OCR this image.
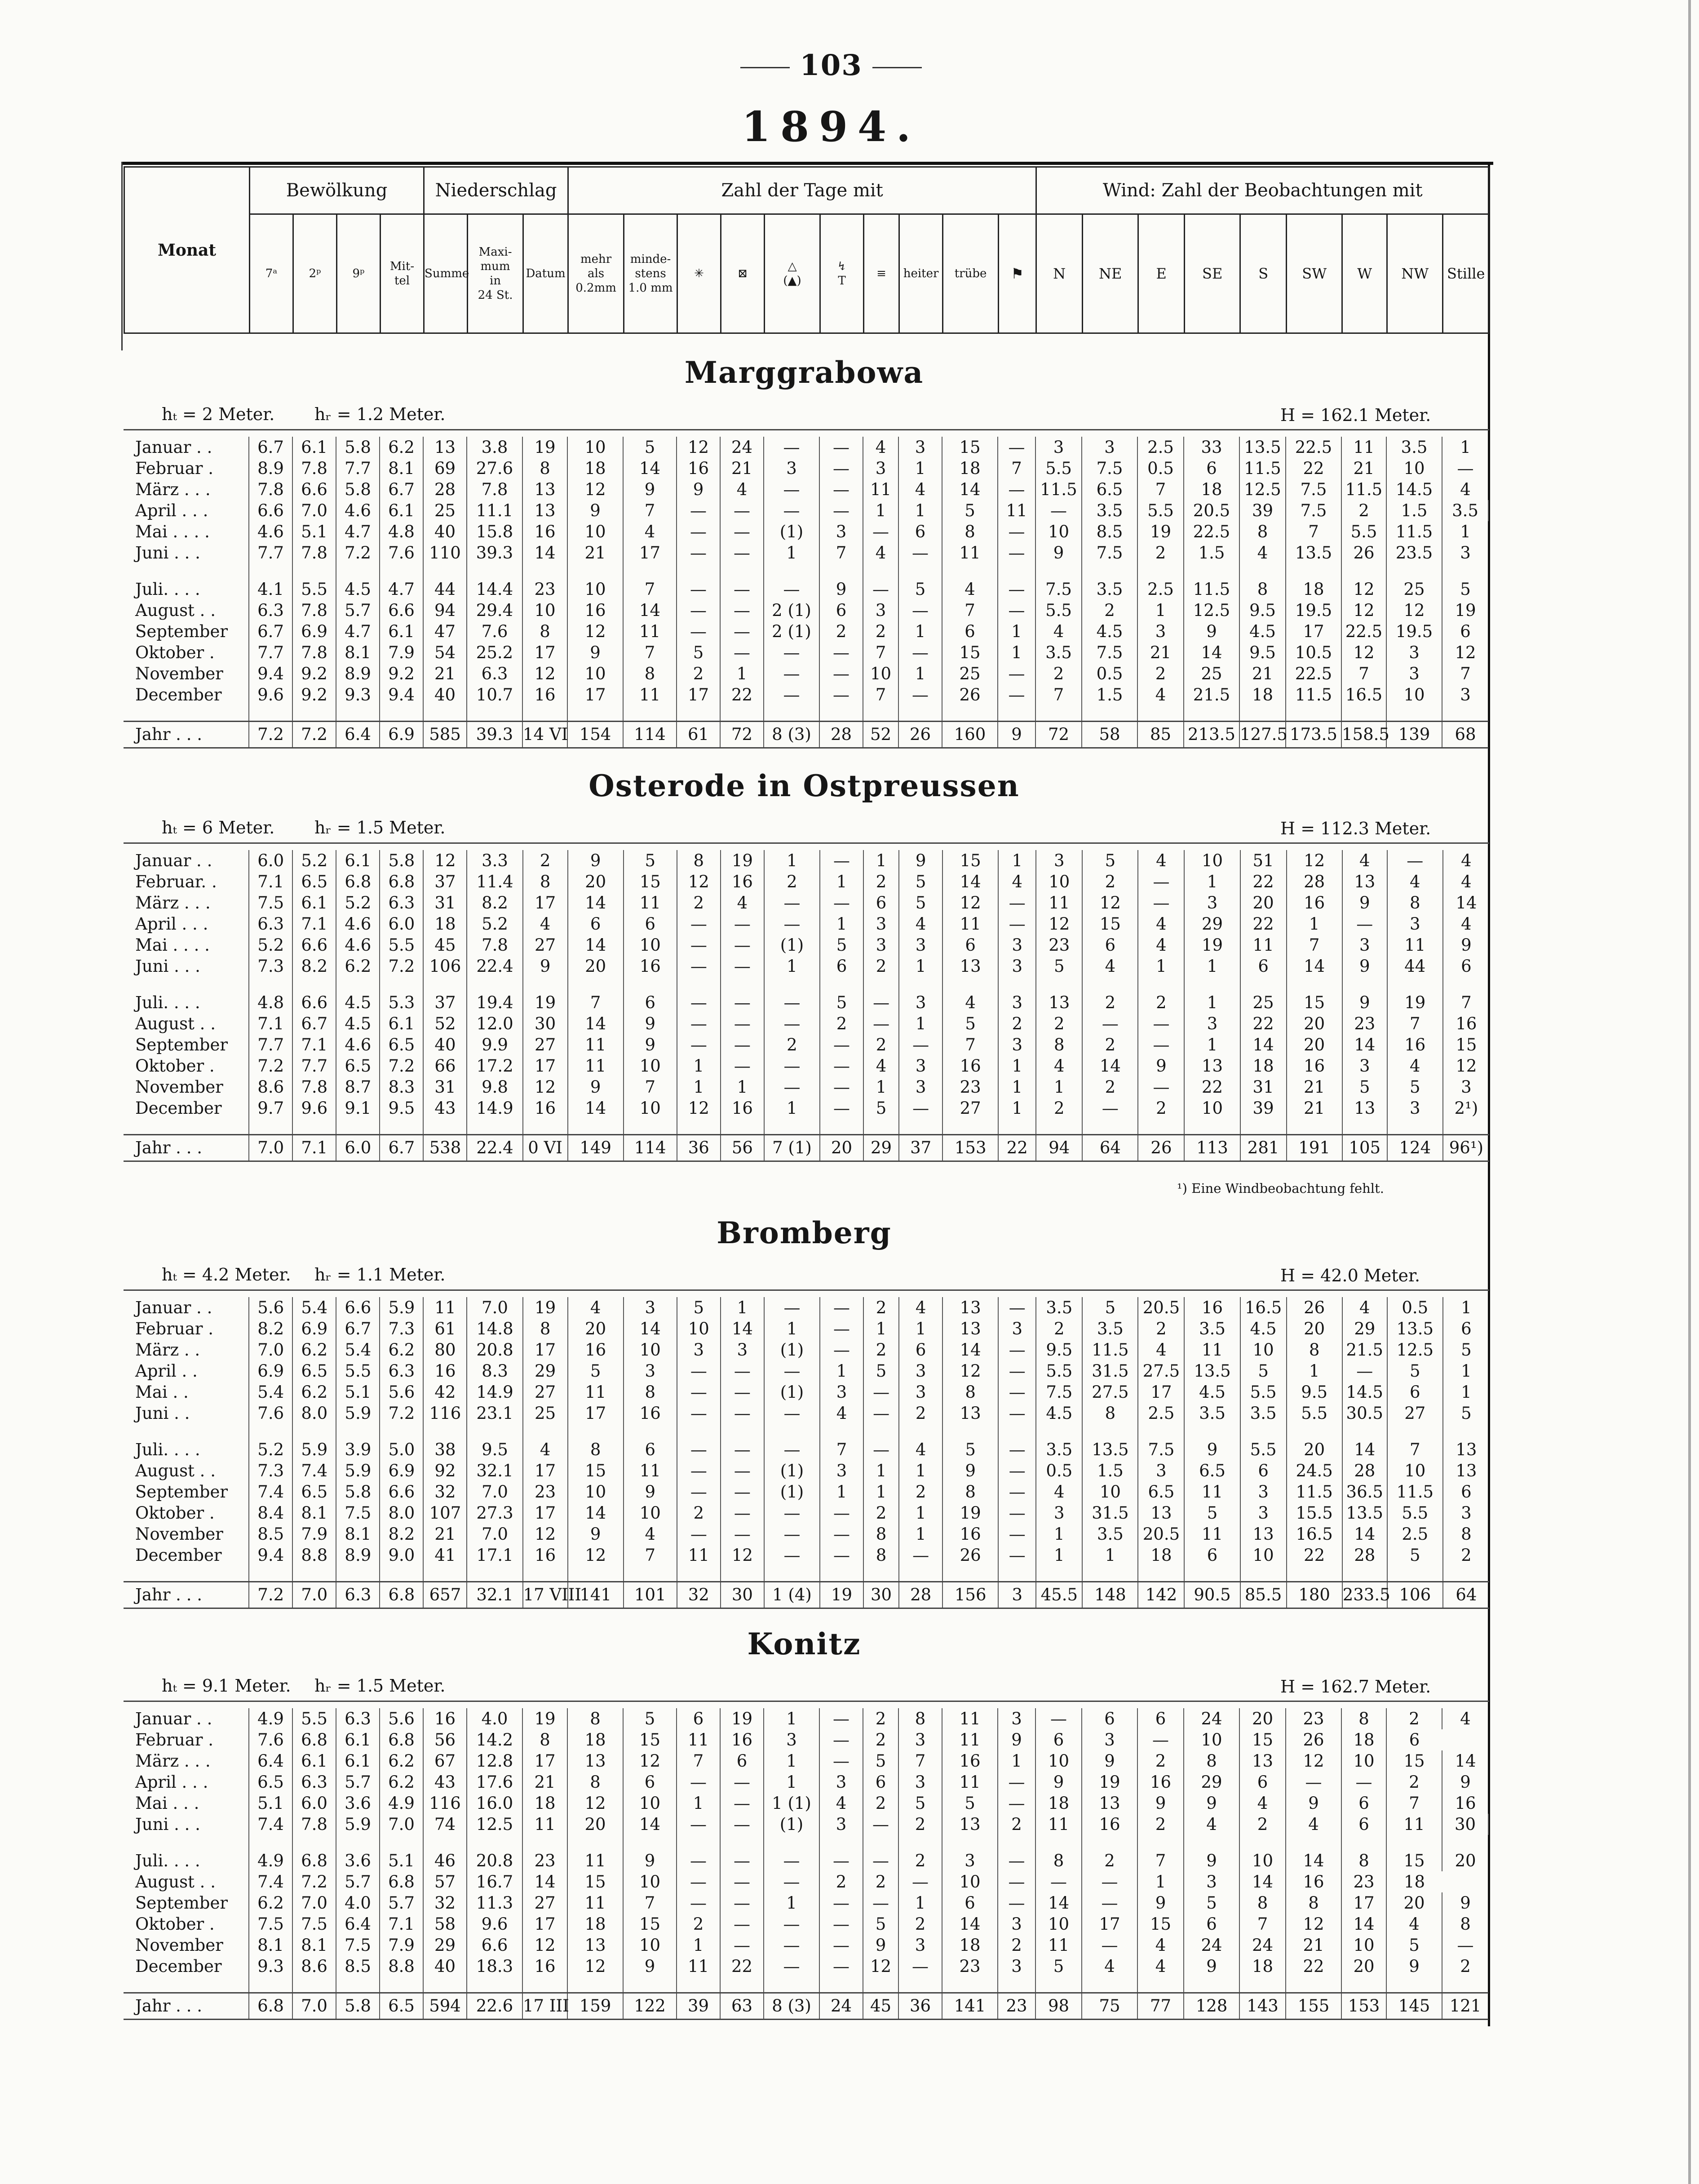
103
1894.
Monat	Bewölkung				Niederschlag			Zahl der Tage mit										Wind: Zahl der Beobachtungen mit								
	7ᵃ	2ᵖ	9ᵖ	Mit-
tel	Summe	Maxi-
mum
in
24 St.	Datum	mehr
als
0.2mm	minde-
stens
1.0 mm	✳	⊠	△
(▲)	↯
T	≡	heiter	trübe	⚑	N	NE	E	SE	S	SW	W	NW	Stille
Marggrabowa
hₜ = 2 Meter. hᵣ = 1.2 Meter.	H = 162.1 Meter.
Januar . .	6.7	6.1	5.8	6.2	13	3.8	19	10	5	12	24	—	—	4	3	15	—	3	3	2.5	33	13.5	22.5	11	3.5	1	
Februar .	8.9	7.8	7.7	8.1	69	27.6	8	18	14	16	21	3	—	3	1	18	7	5.5	7.5	0.5	6	11.5	22	21	10	—	
März . . .	7.8	6.6	5.8	6.7	28	7.8	13	12	9	9	4	—	—	11	4	14	—	11.5	6.5	7	18	12.5	7.5	11.5	14.5	4	
April . . .	6.6	7.0	4.6	6.1	25	11.1	13	9	7	—	—	—	—	1	1	5	11	—	3.5	5.5	20.5	39	7.5	2	1.5	3.5	
Mai . . . .	4.6	5.1	4.7	4.8	40	15.8	16	10	4	—	—	(1)	3	—	6	8	—	10	8.5	19	22.5	8	7	5.5	11.5	1	
Juni . . .	7.7	7.8	7.2	7.6	110	39.3	14	21	17	—	—	1	7	4	—	11	—	9	7.5	2	1.5	4	13.5	26	23.5	3	

Juli. . . .	4.1	5.5	4.5	4.7	44	14.4	23	10	7	—	—	—	9	—	5	4	—	7.5	3.5	2.5	11.5	8	18	12	25	5	
August . .	6.3	7.8	5.7	6.6	94	29.4	10	16	14	—	—	2 (1)	6	3	—	7	—	5.5	2	1	12.5	9.5	19.5	12	12	19	
September	6.7	6.9	4.7	6.1	47	7.6	8	12	11	—	—	2 (1)	2	2	1	6	1	4	4.5	3	9	4.5	17	22.5	19.5	6	
Oktober .	7.7	7.8	8.1	7.9	54	25.2	17	9	7	5	—	—	—	7	—	15	1	3.5	7.5	21	14	9.5	10.5	12	3	12	
November	9.4	9.2	8.9	9.2	21	6.3	12	10	8	2	1	—	—	10	1	25	—	2	0.5	2	25	21	22.5	7	3	7	
December	9.6	9.2	9.3	9.4	40	10.7	16	17	11	17	22	—	—	7	—	26	—	7	1.5	4	21.5	18	11.5	16.5	10	3	

Jahr . . .	7.2	7.2	6.4	6.9	585	39.3	14 VI	154	114	61	72	8 (3)	28	52	26	160	9	72	58	85	213.5	127.5	173.5	158.5	139	68	
Osterode in Ostpreussen
hₜ = 6 Meter. hᵣ = 1.5 Meter.	H = 112.3 Meter.
Januar . .	6.0	5.2	6.1	5.8	12	3.3	2	9	5	8	19	1	—	1	9	15	1	3	5	4	10	51	12	4	—	4
Februar. .	7.1	6.5	6.8	6.8	37	11.4	8	20	15	12	16	2	1	2	5	14	4	10	2	—	1	22	28	13	4	4
März . . .	7.5	6.1	5.2	6.3	31	8.2	17	14	11	2	4	—	—	6	5	12	—	11	12	—	3	20	16	9	8	14
April . . .	6.3	7.1	4.6	6.0	18	5.2	4	6	6	—	—	—	1	3	4	11	—	12	15	4	29	22	1	—	3	4
Mai . . . .	5.2	6.6	4.6	5.5	45	7.8	27	14	10	—	—	(1)	5	3	3	6	3	23	6	4	19	11	7	3	11	9
Juni . . .	7.3	8.2	6.2	7.2	106	22.4	9	20	16	—	—	1	6	2	1	13	3	5	4	1	1	6	14	9	44	6

Juli. . . .	4.8	6.6	4.5	5.3	37	19.4	19	7	6	—	—	—	5	—	3	4	3	13	2	2	1	25	15	9	19	7
August . .	7.1	6.7	4.5	6.1	52	12.0	30	14	9	—	—	—	2	—	1	5	2	2	—	—	3	22	20	23	7	16
September	7.7	7.1	4.6	6.5	40	9.9	27	11	9	—	—	2	—	2	—	7	3	8	2	—	1	14	20	14	16	15
Oktober .	7.2	7.7	6.5	7.2	66	17.2	17	11	10	1	—	—	—	4	3	16	1	4	14	9	13	18	16	3	4	12
November	8.6	7.8	8.7	8.3	31	9.8	12	9	7	1	1	—	—	1	3	23	1	1	2	—	22	31	21	5	5	3
December	9.7	9.6	9.1	9.5	43	14.9	16	14	10	12	16	1	—	5	—	27	1	2	—	2	10	39	21	13	3	2¹)

Jahr . . .	7.0	7.1	6.0	6.7	538	22.4	0 VI	149	114	36	56	7 (1)	20	29	37	153	22	94	64	26	113	281	191	105	124	96¹)
Bromberg
hₜ = 4.2 Meter. hᵣ = 1.1 Meter.	H = 42.0 Meter.
Januar . .	5.6	5.4	6.6	5.9	11	7.0	19	4	3	5	1	—	—	2	4	13	—	3.5	5	20.5	16	16.5	26	4	0.5	1
Februar .	8.2	6.9	6.7	7.3	61	14.8	8	20	14	10	14	1	—	1	1	13	3	2	3.5	2	3.5	4.5	20	29	13.5	6
März . .	7.0	6.2	5.4	6.2	80	20.8	17	16	10	3	3	(1)	—	2	6	14	—	9.5	11.5	4	11	10	8	21.5	12.5	5
April . .	6.9	6.5	5.5	6.3	16	8.3	29	5	3	—	—	—	1	5	3	12	—	5.5	31.5	27.5	13.5	5	1	—	5	1
Mai . .	5.4	6.2	5.1	5.6	42	14.9	27	11	8	—	—	(1)	3	—	3	8	—	7.5	27.5	17	4.5	5.5	9.5	14.5	6	1
Juni . .	7.6	8.0	5.9	7.2	116	23.1	25	17	16	—	—	—	4	—	2	13	—	4.5	8	2.5	3.5	3.5	5.5	30.5	27	5

Juli. . . .	5.2	5.9	3.9	5.0	38	9.5	4	8	6	—	—	—	7	—	4	5	—	3.5	13.5	7.5	9	5.5	20	14	7	13
August . .	7.3	7.4	5.9	6.9	92	32.1	17	15	11	—	—	(1)	3	1	1	9	—	0.5	1.5	3	6.5	6	24.5	28	10	13
September	7.4	6.5	5.8	6.6	32	7.0	23	10	9	—	—	(1)	1	1	2	8	—	4	10	6.5	11	3	11.5	36.5	11.5	6
Oktober .	8.4	8.1	7.5	8.0	107	27.3	17	14	10	2	—	—	—	2	1	19	—	3	31.5	13	5	3	15.5	13.5	5.5	3
November	8.5	7.9	8.1	8.2	21	7.0	12	9	4	—	—	—	—	8	1	16	—	1	3.5	20.5	11	13	16.5	14	2.5	8
December	9.4	8.8	8.9	9.0	41	17.1	16	12	7	11	12	—	—	8	—	26	—	1	1	18	6	10	22	28	5	2

Jahr . . .	7.2	7.0	6.3	6.8	657	32.1	17 VIII	141	101	32	30	1 (4)	19	30	28	156	3	45.5	148	142	90.5	85.5	180	233.5	106	64
Konitz
hₜ = 9.1 Meter. hᵣ = 1.5 Meter.	H = 162.7 Meter.
Januar . .	4.9	5.5	6.3	5.6	16	4.0	19	8	5	6	19	1	—	2	8	11	3	—	6	6	24	20	23	8	2	4	
Februar .	7.6	6.8	6.1	6.8	56	14.2	8	18	15	11	16	3	—	2	3	11	9	6	3	—	10	15	26	18	6		
März . . .	6.4	6.1	6.1	6.2	67	12.8	17	13	12	7	6	1	—	5	7	16	1	10	9	2	8	13	12	10	15	14	
April . . .	6.5	6.3	5.7	6.2	43	17.6	21	8	6	—	—	1	3	6	3	11	—	9	19	16	29	6	—	—	2	9	
Mai . . .	5.1	6.0	3.6	4.9	116	16.0	18	12	10	1	—	1 (1)	4	2	5	5	—	18	13	9	9	4	9	6	7	16	
Juni . . .	7.4	7.8	5.9	7.0	74	12.5	11	20	14	—	—	(1)	3	—	2	13	2	11	16	2	4	2	4	6	11	30	

Juli. . . .	4.9	6.8	3.6	5.1	46	20.8	23	11	9	—	—	—	—	—	2	3	—	8	2	7	9	10	14	8	15	20	
August . .	7.4	7.2	5.7	6.8	57	16.7	14	15	10	—	—	—	2	2	—	10	—	—	—	1	3	14	16	23	18		
September	6.2	7.0	4.0	5.7	32	11.3	27	11	7	—	—	1	—	—	1	6	—	14	—	9	5	8	8	17	20	9	
Oktober .	7.5	7.5	6.4	7.1	58	9.6	17	18	15	2	—	—	—	5	2	14	3	10	17	15	6	7	12	14	4	8	
November	8.1	8.1	7.5	7.9	29	6.6	12	13	10	1	—	—	—	9	3	18	2	11	—	4	24	24	21	10	5	—	
December	9.3	8.6	8.5	8.8	40	18.3	16	12	9	11	22	—	—	12	—	23	3	5	4	4	9	18	22	20	9	2	

Jahr . . .	6.8	7.0	5.8	6.5	594	22.6	17 III	159	122	39	63	8 (3)	24	45	36	141	23	98	75	77	128	143	155	153	145	121	
¹) Eine Windbeobachtung fehlt.
